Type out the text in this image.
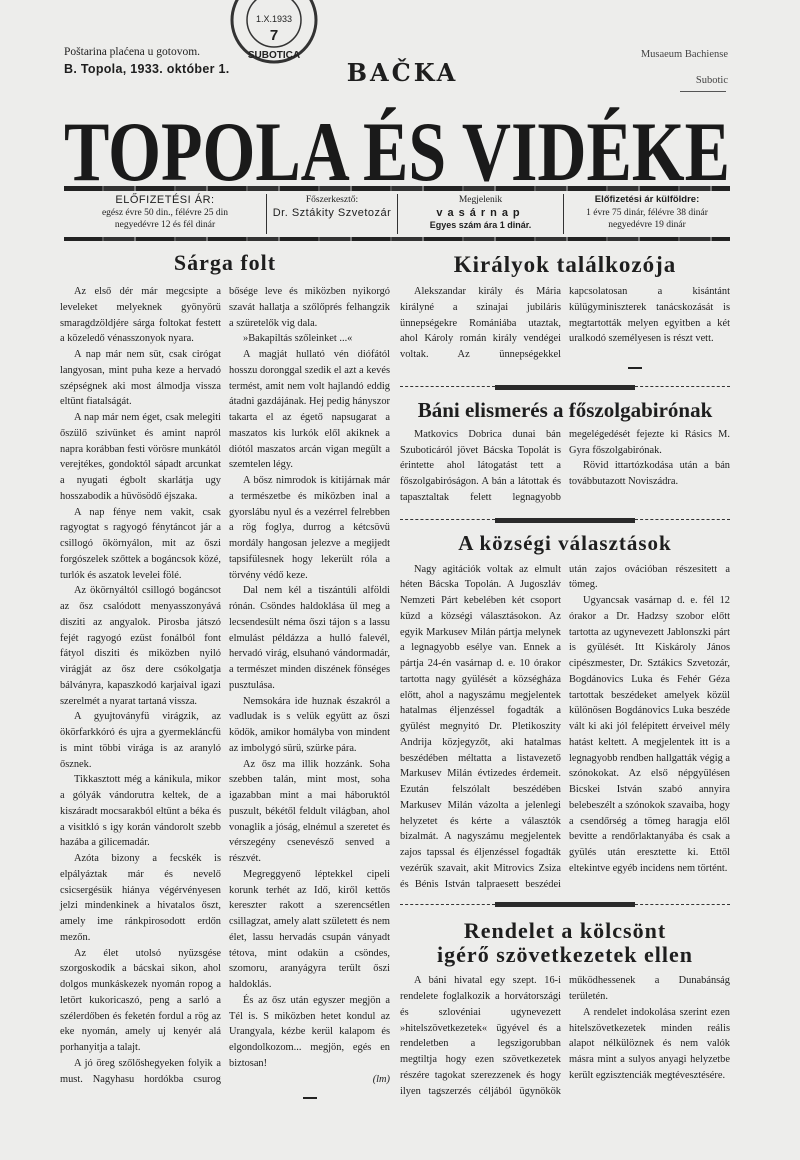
SUBOTICA
1.X.1933
7
Poštarina plaćena u gotovom.
B. Topola, 1933. október 1.	BAČKA
Musaeum Bachiense
Subotic
TOPOLA ÉS VIDÉKE
ELŐFIZETÉSI ÁR:
egész évre 50 din., félévre 25 din
negyedévre 12 és fél dinár
Főszerkesztő:
Dr. Sztákity Szvetozár
Megjelenik
vasárnap
Egyes szám ára 1 dinár.
Előfizetési ár külföldre:
1 évre 75 dinár, félévre 38 dinár
negyedévre 19 dinár
Sárga folt

Az első dér már megcsipte a leveleket melyeknek gyönyörü smaragdzöldjére sárga foltokat festett a közeledő vénasszonyok nyara.

A nap már nem süt, csak cirógat langyosan, mint puha keze a hervadó szépségnek aki most álmodja vissza eltünt fiatalságát.

A nap már nem éget, csak melegiti őszülő szivünket és amint napról napra korábban festi vörösre munkától verejtékes, gondoktól sápadt arcunkat a nyugati égbolt skarlátja ugy hosszabodik a hüvösödő éjszaka.

A nap fénye nem vakit, csak ragyogtat s ragyogó fénytáncot jár a csillogó ökörnyálon, mit az őszi forgószelek szőttek a bogáncsok közé, turlók és aszatok levelei fölé.

Az ökörnyáltól csillogó bogáncsot az ősz csalódott menyasszonyává disziti az angyalok. Pirosba játszó fejét ragyogó ezüst fonálból font fátyol disziti és miközben nyiló virágját az ősz dere csókolgatja bálványra, kapaszkodó karjaival igazi szerelmét a nyarat tartaná vissza.

A gyujtoványfü virágzik, az ökörfarkkóró és ujra a gyermekláncfü is mint többi virága is az aranyló ősznek.

Tikkasztott még a kánikula, mikor a gólyák vándorutra keltek, de a kiszáradt mocsarakból eltünt a béka és a visitkló s igy korán vándorolt szebb hazába a gilicemadár.

Azóta bizony a fecskék is elpályáztak már és nevelő csicsergésük hiánya végérvényesen jelzi mindenkinek a hivatalos őszt, amely ime ránkpirosodott erdőn mezőn.

Az élet utolsó nyüzsgése szorgoskodik a bácskai sikon, ahol dolgos munkáskezek nyomán ropog a letört kukoricaszó, peng a sarló a szélerdőben és feketén fordul a rög az eke nyomán, amely uj kenyér alá porhanyitja a talajt.

A jó öreg szőlőshegyeken folyik a must. Nagyhasu hordókba csurog bősége leve és miközben nyikorgó szavát hallatja a szőlőprés felhangzik a szüretelők vig dala.

»Bakapiltás szőleinket ...«

A magját hullató vén diófától hosszu doronggal szedik el azt a kevés termést, amit nem volt hajlandó eddig átadni gazdájának. Hej pedig hányszor takarta el az égető napsugarat a maszatos kis lurkók elől akiknek a diótól maszatos arcán vigan megült a szemtelen légy.

A bősz nimrodok is kitijárnak már a természetbe és miközben inal a gyorslábu nyul és a vezérrel felrebben a rög foglya, durrog a kétcsövü mordály hangosan jelezve a megijedt tapsifülesnek hogy lekerült róla a törvény védő keze.

Dal nem kél a tiszántúli alföldi rónán. Csöndes haldoklása ül meg a lecsendesült néma őszi tájon s a lassu elmulást példázza a hulló falevél, hervadó virág, elsuhanó vándormadár, a természet minden diszének fönséges pusztulása.

Nemsokára ide huznak északról a vadludak is s velük együtt az őszi ködök, amikor homályba von mindent az imbolygó sürü, szürke pára.

Az ősz ma illik hozzánk. Soha szebben talán, mint most, soha igazabban mint a mai háboruktól puszult, békétől feldult világban, ahol vonaglik a jóság, elnémul a szeretet és vérszegény csenevésző senved a részvét.

Megreggyenő léptekkel cipeli korunk terhét az Idő, kiről kettős kereszter rakott a szerencsétlen csillagzat, amely alatt született és nem élet, lassu hervadás csupán ványadt tétova, mint odakün a csöndes, szomoru, aranyágyra terült őszi haldoklás.

És az ősz után egyszer megjön a Tél is. S miközben hetet kondul az Urangyala, kézbe kerül kalapom és elgondolkozom... megjön, egés en biztosan!

(lm)
Királyok találkozója

Alekszandar király és Mária királyné a szinajai jubiláris ünnepségekre Romániába utaztak, ahol Károly román király vendégei voltak. Az ünnepségekkel kapcsolatosan a kisántánt külügyminiszterek tanácskozását is megtartották melyen egyitben a két uralkodó személyesen is részt vett.

Báni elismerés a főszolgabirónak

Matkovics Dobrica dunai bán Szuboticáról jövet Bácska Topolát is érintette ahol látogatást tett a főszolgabiróságon. A bán a látottak és tapasztaltak felett legnagyobb megelégedését fejezte ki Rásics M. Gyra főszolgabirónak.

Rövid ittartózkodása után a bán továbbutazott Noviszádra.

A községi választások

Nagy agitációk voltak az elmult héten Bácska Topolán. A Jugoszláv Nemzeti Párt kebelében két csoport küzd a községi választásokon. Az egyik Markusev Milán pártja melynek a legnagyobb esélye van. Ennek a pártja 24-én vasárnap d. e. 10 órakor tartotta nagy gyülését a községháza előtt, ahol a nagyszámu megjelentek hatalmas éljenzéssel fogadták a gyülést megnyitó Dr. Pletikoszity Andrija közjegyzőt, aki hatalmas beszédében méltatta a listavezető Markusev Milán évtizedes érdemeit. Ezután felszólalt beszédében Markusev Milán vázolta a jelenlegi helyzetet és kérte a választók bizalmát. A nagyszámu megjelentek zajos tapssal és éljenzéssel fogadták vezérük szavait, akit Mitrovics Zsiza és Bénis István talpraesett beszédei után zajos ovációban részesitett a tömeg.

Ugyancsak vasárnap d. e. fél 12 órakor a Dr. Hadzsy szobor előtt tartotta az ugynevezett Jablonszki párt is gyülését. Itt Kiskároly János cipészmester, Dr. Sztákics Szvetozár, Bogdánovics Luka és Fehér Géza tartottak beszédeket amelyek közül különösen Bogdánovics Luka beszéde vált ki aki jól felépitett érveivel mély hatást keltett. A megjelentek itt is a legnagyobb rendben hallgatták végig a szónokokat. Az első népgyülésen Bicskei István szabó annyira belebeszélt a szónokok szavaiba, hogy a csendőrség a tömeg haragja elől bevitte a rendőrlaktanyába és csak a gyülés után eresztette ki. Ettől eltekintve egyéb incidens nem történt.

Rendelet a kölcsönt
igérő szövetkezetek ellen

A báni hivatal egy szept. 16-i rendelete foglalkozik a horvátországi és szlovéniai ugynevezett »hitelszövetkezetek« ügyével és a rendeletben a legszigorubban megtiltja hogy ezen szövetkezetek részére tagokat szerezzenek és hogy ilyen tagszerzés céljából ügynökök működhessenek a Dunabánság területén.

A rendelet indokolása szerint ezen hitelszövetkezetek minden reális alapot nélkülöznek és nem valók másra mint a sulyos anyagi helyzetbe került egzisztenciák megtévesztésére.
